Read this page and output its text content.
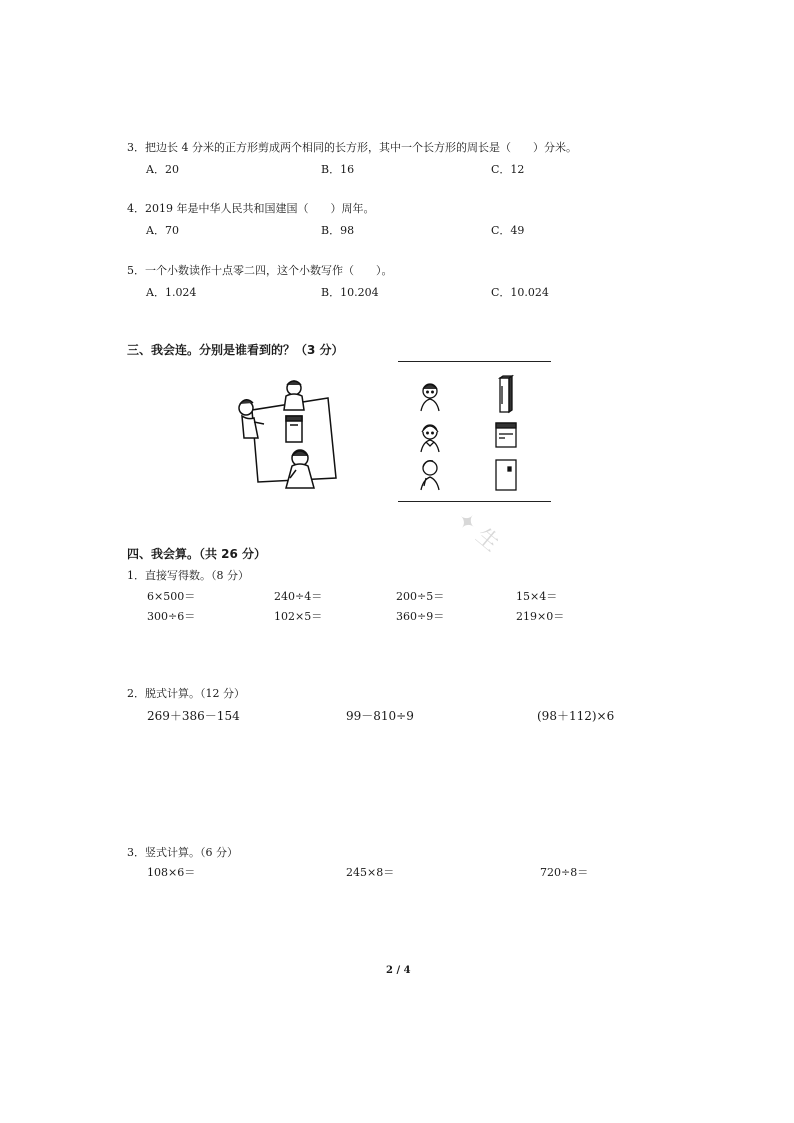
3．把边长 4 分米的正方形剪成两个相同的长方形，其中一个长方形的周长是（　　）分米。
A．20	B．16	C．12
4．2019 年是中华人民共和国建国（　　）周年。
A．70	B．98	C．49
5．一个小数读作十点零二四，这个小数写作（　　）。
A．1.024	B．10.204	C．10.024
三、我会连。分别是谁看到的？（3 分）
✦ 生
四、我会算。（共 26 分）
1．直接写得数。（8 分）
6×500＝	240÷4＝	200÷5＝	15×4＝
300÷6＝	102×5＝	360÷9＝	219×0＝
2．脱式计算。（12 分）
269＋386－154	99－810÷9	(98＋112)×6
3．竖式计算。（6 分）
108×6＝	245×8＝	720÷8＝
2 / 4
